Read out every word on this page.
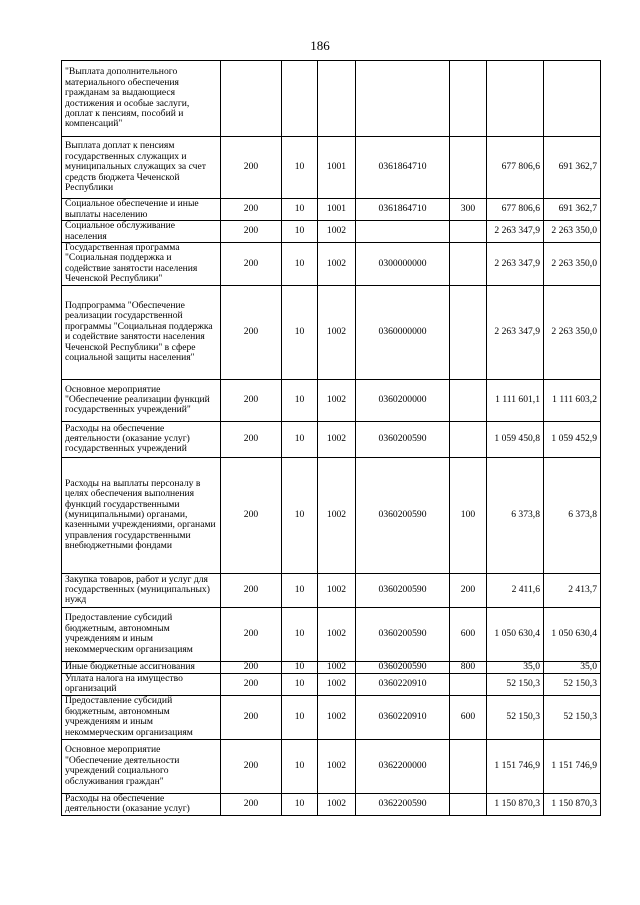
186
"Выплата дополнительного материального обеспечения гражданам за выдающиеся достижения и особые заслуги, доплат к пенсиям, пособий и компенсаций"							
Выплата доплат к пенсиям государственных служащих и муниципальных служащих за счет средств бюджета Чеченской Республики	200	10	1001	0361864710		677 806,6	691 362,7
Социальное обеспечение и иные выплаты населению	200	10	1001	0361864710	300	677 806,6	691 362,7
Социальное обслуживание населения	200	10	1002			2 263 347,9	2 263 350,0
Государственная программа "Социальная поддержка и содействие занятости населения Чеченской Республики"	200	10	1002	0300000000		2 263 347,9	2 263 350,0
Подпрограмма "Обеспечение реализации государственной программы "Социальная поддержка и содействие занятости населения Чеченской Республики" в сфере социальной защиты населения"	200	10	1002	0360000000		2 263 347,9	2 263 350,0
Основное мероприятие "Обеспечение реализации функций государственных учреждений"	200	10	1002	0360200000		1 111 601,1	1 111 603,2
Расходы на обеспечение деятельности (оказание услуг) государственных учреждений	200	10	1002	0360200590		1 059 450,8	1 059 452,9
Расходы на выплаты персоналу в целях обеспечения выполнения функций государственными (муниципальными) органами, казенными учреждениями, органами управления государственными внебюджетными фондами	200	10	1002	0360200590	100	6 373,8	6 373,8
Закупка товаров, работ и услуг для государственных (муниципальных) нужд	200	10	1002	0360200590	200	2 411,6	2 413,7
Предоставление субсидий бюджетным, автономным учреждениям и иным некоммерческим организациям	200	10	1002	0360200590	600	1 050 630,4	1 050 630,4
Иные бюджетные ассигнования	200	10	1002	0360200590	800	35,0	35,0
Уплата налога на имущество организаций	200	10	1002	0360220910		52 150,3	52 150,3
Предоставление субсидий бюджетным, автономным учреждениям и иным некоммерческим организациям	200	10	1002	0360220910	600	52 150,3	52 150,3
Основное мероприятие "Обеспечение деятельности учреждений социального обслуживания граждан"	200	10	1002	0362200000		1 151 746,9	1 151 746,9
Расходы на обеспечение деятельности (оказание услуг)	200	10	1002	0362200590		1 150 870,3	1 150 870,3
